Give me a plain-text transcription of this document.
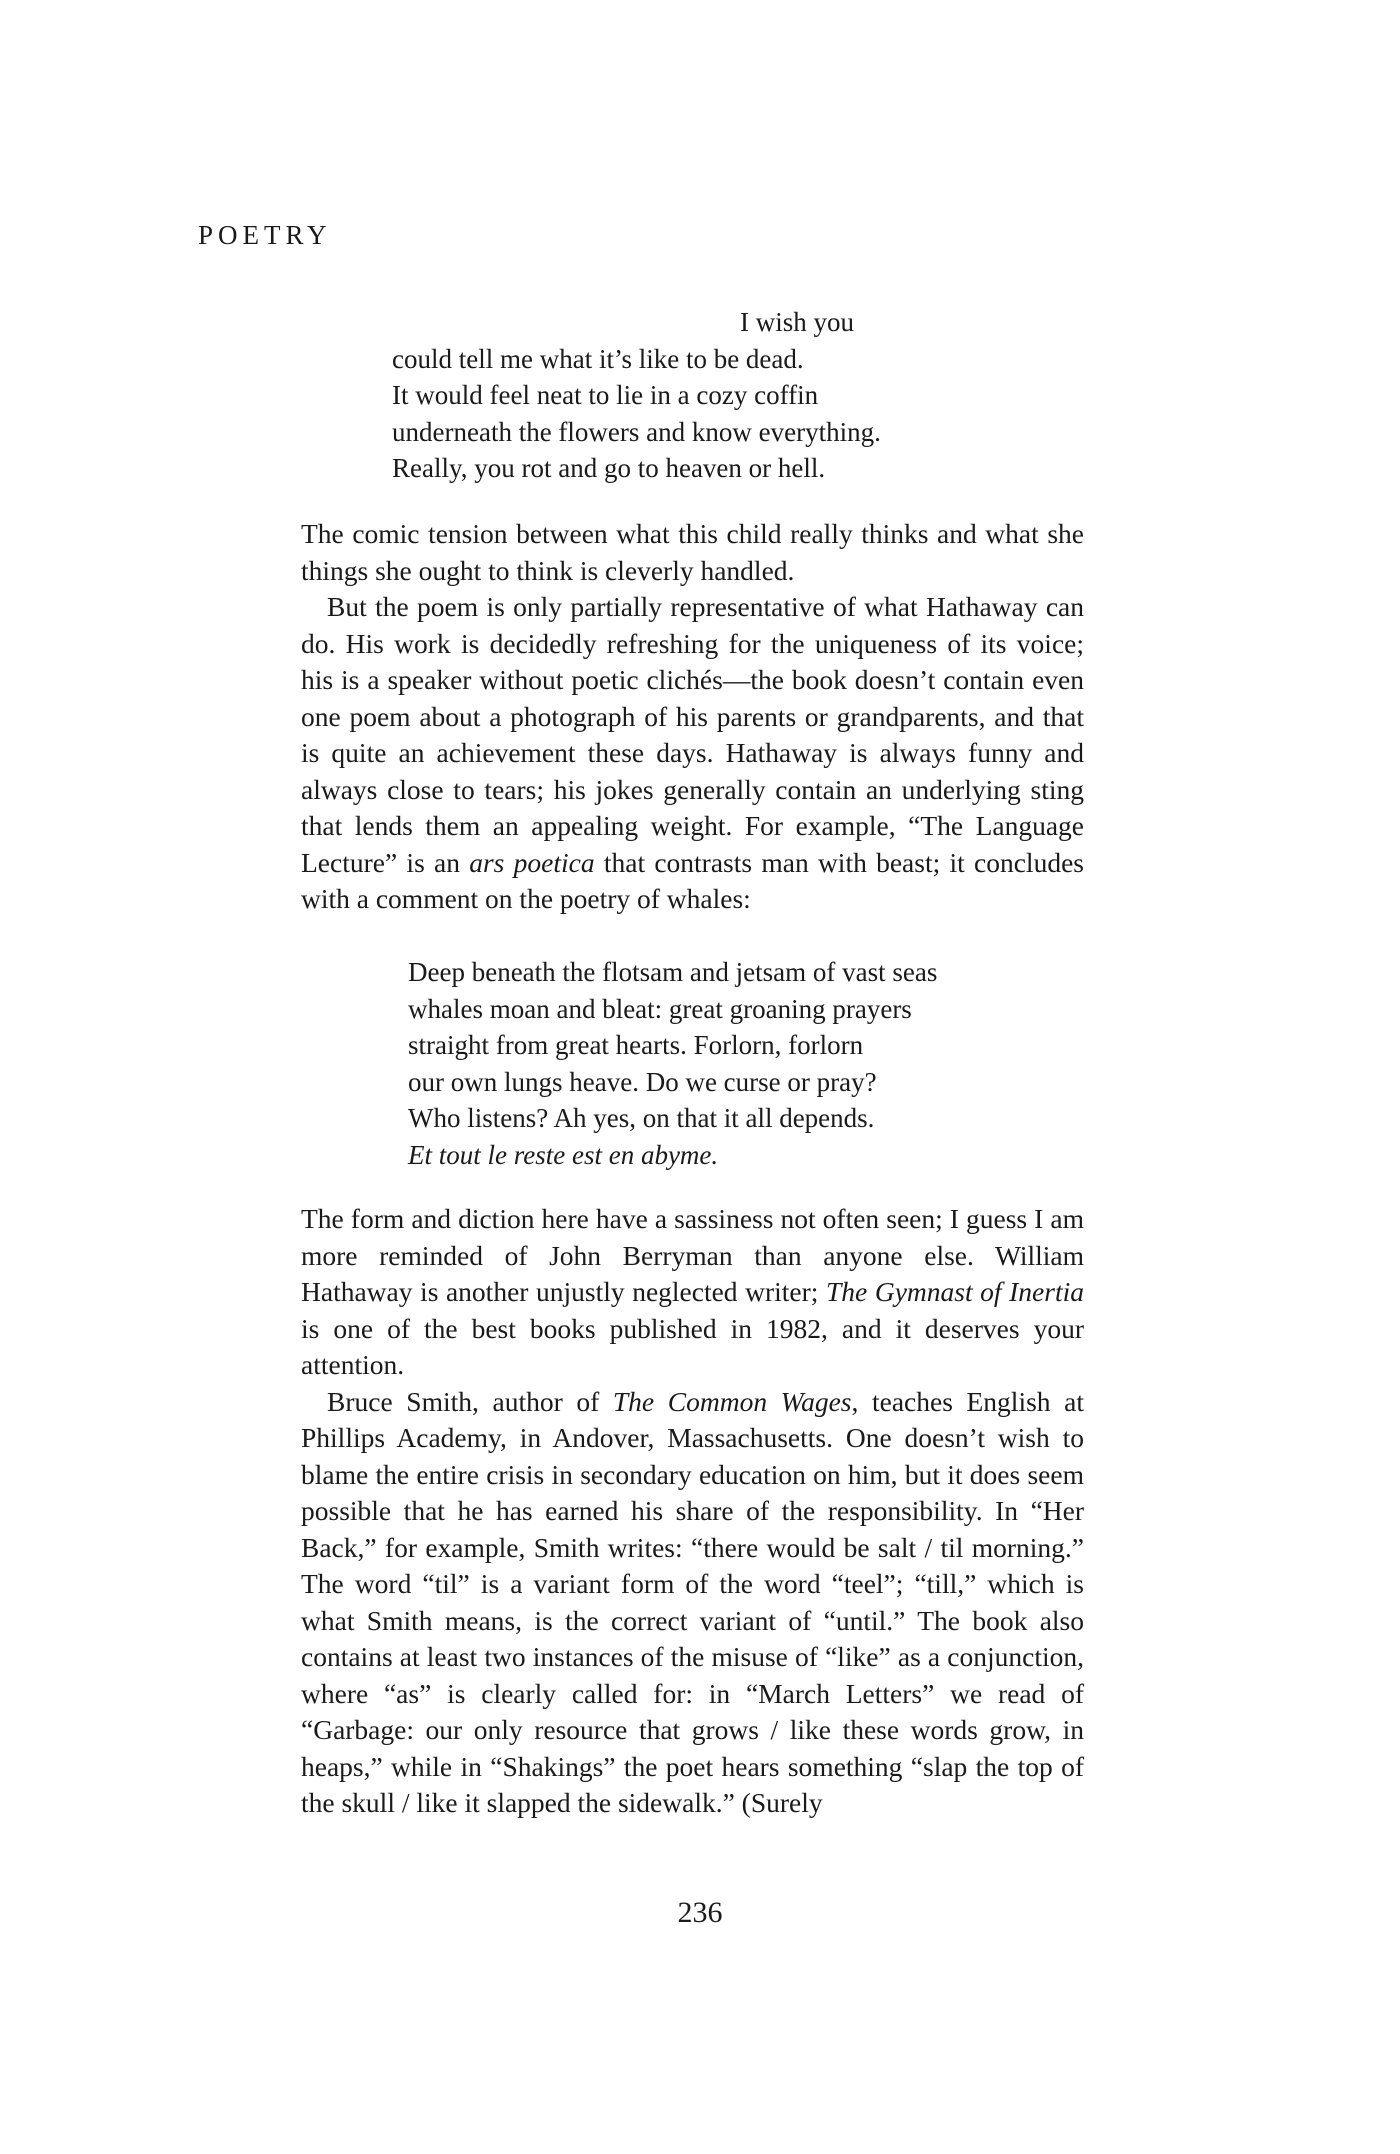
POETRY
I wish you
could tell me what it’s like to be dead.
It would feel neat to lie in a cozy coffin
underneath the flowers and know everything.
Really, you rot and go to heaven or hell.

The comic tension between what this child really thinks and what she things she ought to think is cleverly handled.

But the poem is only partially representative of what Hathaway can do. His work is decidedly refreshing for the uniqueness of its voice; his is a speaker without poetic clichés—the book doesn’t contain even one poem about a photograph of his parents or grandparents, and that is quite an achievement these days. Hathaway is always funny and always close to tears; his jokes generally contain an underlying sting that lends them an appealing weight. For example, “The Language Lecture” is an ars poetica that contrasts man with beast; it concludes with a comment on the poetry of whales:

Deep beneath the flotsam and jetsam of vast seas
whales moan and bleat: great groaning prayers
straight from great hearts. Forlorn, forlorn
our own lungs heave. Do we curse or pray?
Who listens? Ah yes, on that it all depends.
Et tout le reste est en abyme.

The form and diction here have a sassiness not often seen; I guess I am more reminded of John Berryman than anyone else. William Hathaway is another unjustly neglected writer; The Gymnast of Inertia is one of the best books published in 1982, and it deserves your attention.

Bruce Smith, author of The Common Wages, teaches English at Phillips Academy, in Andover, Massachusetts. One doesn’t wish to blame the entire crisis in secondary education on him, but it does seem possible that he has earned his share of the responsibility. In “Her Back,” for example, Smith writes: “there would be salt / til morning.” The word “til” is a variant form of the word “teel”; “till,” which is what Smith means, is the correct variant of “until.” The book also contains at least two instances of the misuse of “like” as a conjunction, where “as” is clearly called for: in “March Letters” we read of “Garbage: our only resource that grows / like these words grow, in heaps,” while in “Shakings” the poet hears something “slap the top of the skull / like it slapped the sidewalk.” (Surely

236
